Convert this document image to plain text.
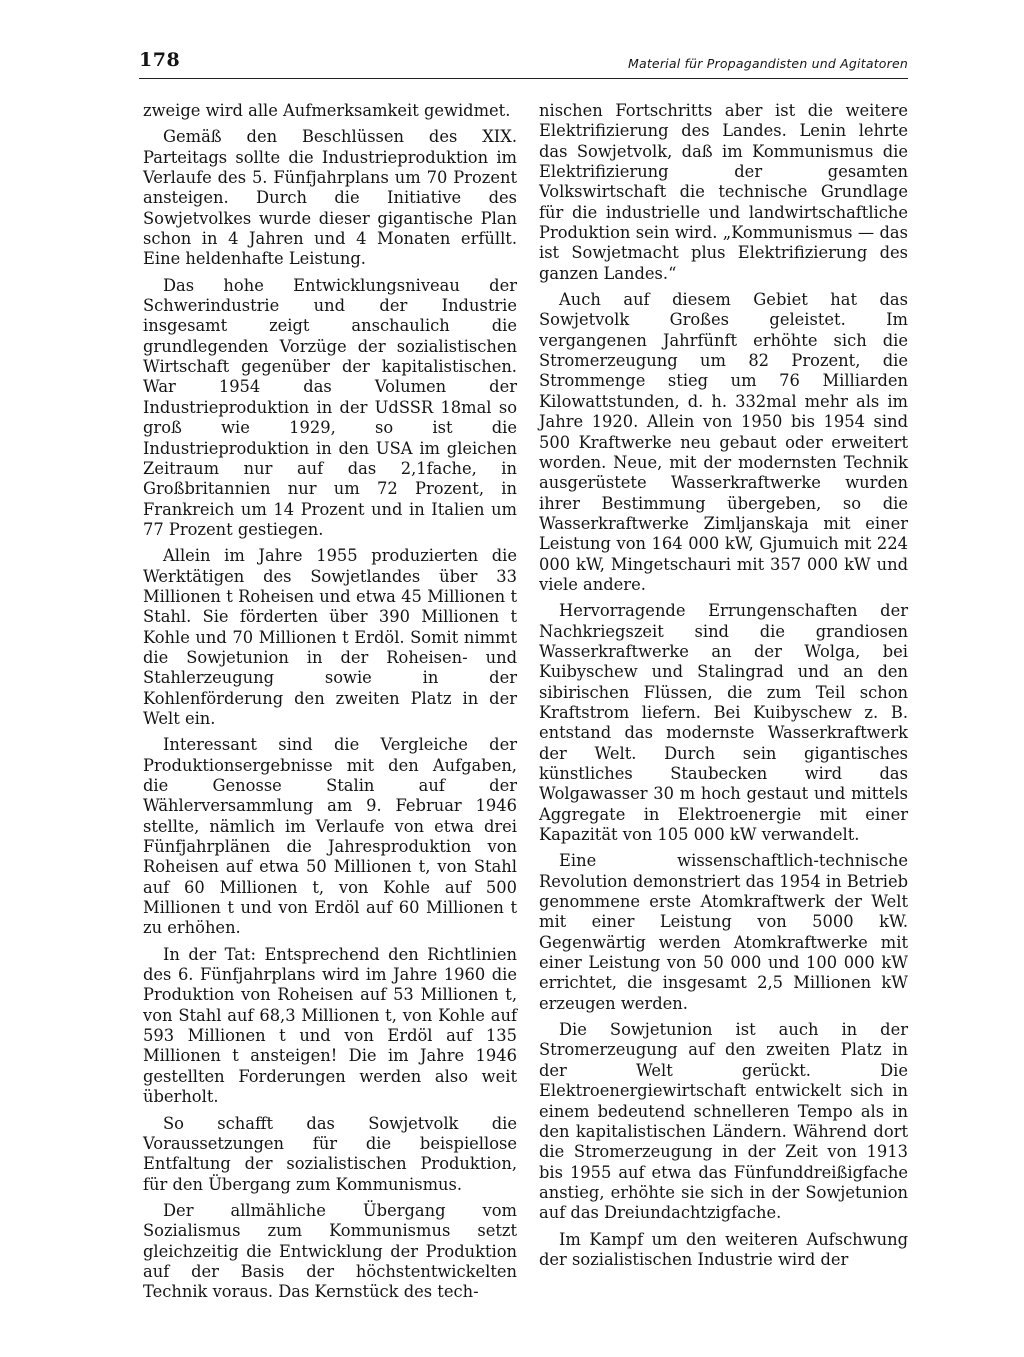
178	Material für Propagandisten und Agitatoren

zweige wird alle Aufmerksamkeit gewidmet.

Gemäß den Beschlüssen des XIX. Parteitags sollte die Industrieproduktion im Verlaufe des 5. Fünfjahrplans um 70 Prozent ansteigen. Durch die Initiative des Sowjetvolkes wurde dieser gigantische Plan schon in 4 Jahren und 4 Monaten erfüllt. Eine heldenhafte Leistung.

Das hohe Entwicklungsniveau der Schwerindustrie und der Industrie insgesamt zeigt anschaulich die grundlegenden Vorzüge der sozialistischen Wirtschaft gegenüber der kapitalistischen. War 1954 das Volumen der Industrieproduktion in der UdSSR 18mal so groß wie 1929, so ist die Industrieproduktion in den USA im gleichen Zeitraum nur auf das 2,1fache, in Großbritannien nur um 72 Prozent, in Frankreich um 14 Prozent und in Italien um 77 Prozent gestiegen.

Allein im Jahre 1955 produzierten die Werktätigen des Sowjetlandes über 33 Millionen t Roheisen und etwa 45 Millionen t Stahl. Sie förderten über 390 Millionen t Kohle und 70 Millionen t Erdöl. Somit nimmt die Sowjetunion in der Roheisen- und Stahlerzeugung sowie in der Kohlenförderung den zweiten Platz in der Welt ein.

Interessant sind die Vergleiche der Produktionsergebnisse mit den Aufgaben, die Genosse Stalin auf der Wählerversammlung am 9. Februar 1946 stellte, nämlich im Verlaufe von etwa drei Fünfjahrplänen die Jahresproduktion von Roheisen auf etwa 50 Millionen t, von Stahl auf 60 Millionen t, von Kohle auf 500 Millionen t und von Erdöl auf 60 Millionen t zu erhöhen.

In der Tat: Entsprechend den Richtlinien des 6. Fünfjahrplans wird im Jahre 1960 die Produktion von Roheisen auf 53 Millionen t, von Stahl auf 68,3 Millionen t, von Kohle auf 593 Millionen t und von Erdöl auf 135 Millionen t ansteigen! Die im Jahre 1946 gestellten Forderungen werden also weit überholt.

So schafft das Sowjetvolk die Voraussetzungen für die beispiellose Entfaltung der sozialistischen Produktion, für den Übergang zum Kommunismus.

Der allmähliche Übergang vom Sozialismus zum Kommunismus setzt gleichzeitig die Entwicklung der Produktion auf der Basis der höchstentwickelten Technik voraus. Das Kernstück des tech-

nischen Fortschritts aber ist die weitere Elektrifizierung des Landes. Lenin lehrte das Sowjetvolk, daß im Kommunismus die Elektrifizierung der gesamten Volkswirtschaft die technische Grundlage für die industrielle und landwirtschaftliche Produktion sein wird. „Kommunismus — das ist Sowjetmacht plus Elektrifizierung des ganzen Landes.“

Auch auf diesem Gebiet hat das Sowjetvolk Großes geleistet. Im vergangenen Jahrfünft erhöhte sich die Stromerzeugung um 82 Prozent, die Strommenge stieg um 76 Milliarden Kilowattstunden, d. h. 332mal mehr als im Jahre 1920. Allein von 1950 bis 1954 sind 500 Kraftwerke neu gebaut oder erweitert worden. Neue, mit der modernsten Technik ausgerüstete Wasserkraftwerke wurden ihrer Bestimmung übergeben, so die Wasserkraftwerke Zimljanskaja mit einer Leistung von 164 000 kW, Gjumuich mit 224 000 kW, Mingetschauri mit 357 000 kW und viele andere.

Hervorragende Errungenschaften der Nachkriegszeit sind die grandiosen Wasserkraftwerke an der Wolga, bei Kuibyschew und Stalingrad und an den sibirischen Flüssen, die zum Teil schon Kraftstrom liefern. Bei Kuibyschew z. B. entstand das modernste Wasserkraftwerk der Welt. Durch sein gigantisches künstliches Staubecken wird das Wolgawasser 30 m hoch gestaut und mittels Aggregate in Elektroenergie mit einer Kapazität von 105 000 kW verwandelt.

Eine wissenschaftlich-technische Revolution demonstriert das 1954 in Betrieb genommene erste Atomkraftwerk der Welt mit einer Leistung von 5000 kW. Gegenwärtig werden Atomkraftwerke mit einer Leistung von 50 000 und 100 000 kW errichtet, die insgesamt 2,5 Millionen kW erzeugen werden.

Die Sowjetunion ist auch in der Stromerzeugung auf den zweiten Platz in der Welt gerückt. Die Elektroenergiewirtschaft entwickelt sich in einem bedeutend schnelleren Tempo als in den kapitalistischen Ländern. Während dort die Stromerzeugung in der Zeit von 1913 bis 1955 auf etwa das Fünfunddreißigfache anstieg, erhöhte sie sich in der Sowjetunion auf das Dreiundachtzigfache.

Im Kampf um den weiteren Aufschwung der sozialistischen Industrie wird der
